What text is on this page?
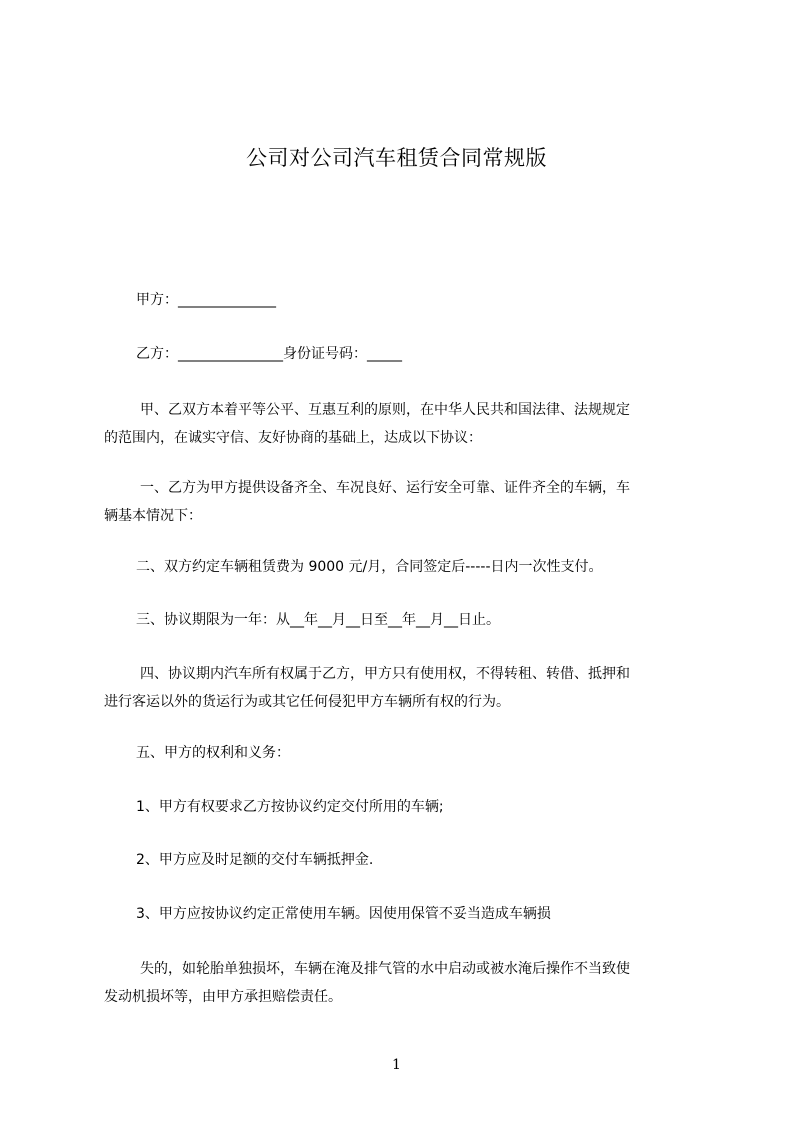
公司对公司汽车租赁合同常规版
甲方：______________
乙方：_______________身份证号码：_____
甲、乙双方本着平等公平、互惠互利的原则，在中华人民共和国法律、法规规定
的范围内，在诚实守信、友好协商的基础上，达成以下协议：
一、乙方为甲方提供设备齐全、车况良好、运行安全可靠、证件齐全的车辆，车
辆基本情况下：
二、双方约定车辆租赁费为 9000 元/月，合同签定后-----日内一次性支付。
三、协议期限为一年：从__年__月__日至__年__月__日止。
四、协议期内汽车所有权属于乙方，甲方只有使用权，不得转租、转借、抵押和
进行客运以外的货运行为或其它任何侵犯甲方车辆所有权的行为。
五、甲方的权利和义务：
1、甲方有权要求乙方按协议约定交付所用的车辆;
2、甲方应及时足额的交付车辆抵押金.
3、甲方应按协议约定正常使用车辆。因使用保管不妥当造成车辆损
失的，如轮胎单独损坏，车辆在淹及排气管的水中启动或被水淹后操作不当致使
发动机损坏等，由甲方承担赔偿责任。
1
